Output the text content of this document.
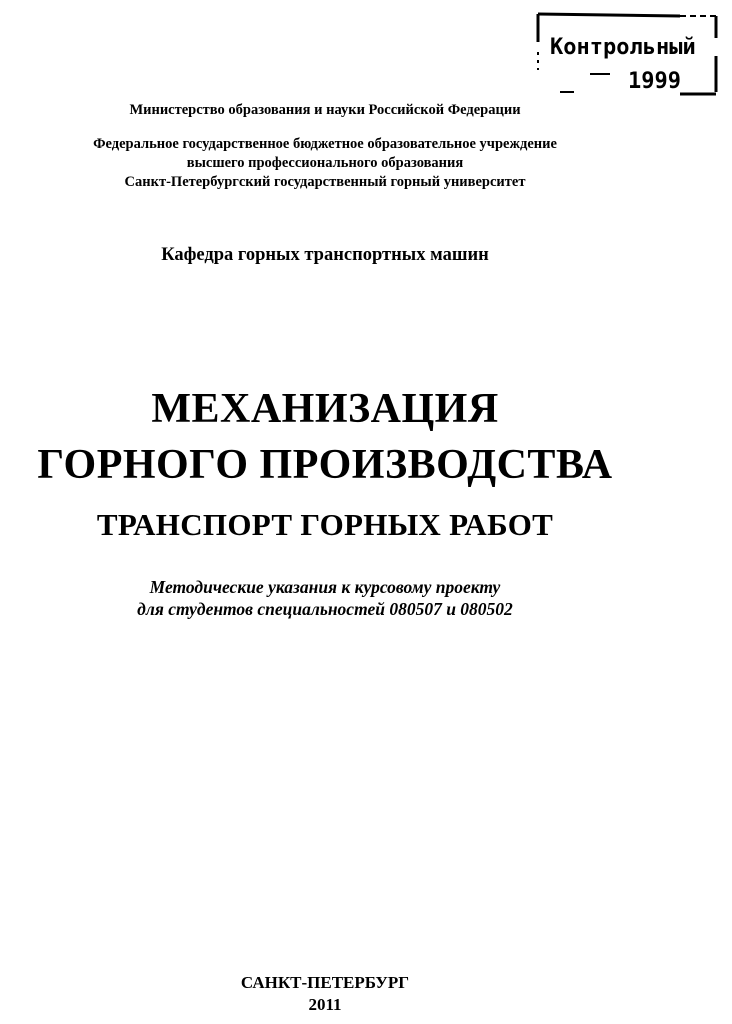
Контрольный
1999
Министерство образования и науки Российской Федерации
Федеральное государственное бюджетное образовательное учреждение
высшего профессионального образования
Санкт-Петербургский государственный горный университет
Кафедра горных транспортных машин
МЕХАНИЗАЦИЯ
ГОРНОГО ПРОИЗВОДСТВА
ТРАНСПОРТ ГОРНЫХ РАБОТ
Методические указания к курсовому проекту
для студентов специальностей 080507 и 080502
САНКТ-ПЕТЕРБУРГ
2011
